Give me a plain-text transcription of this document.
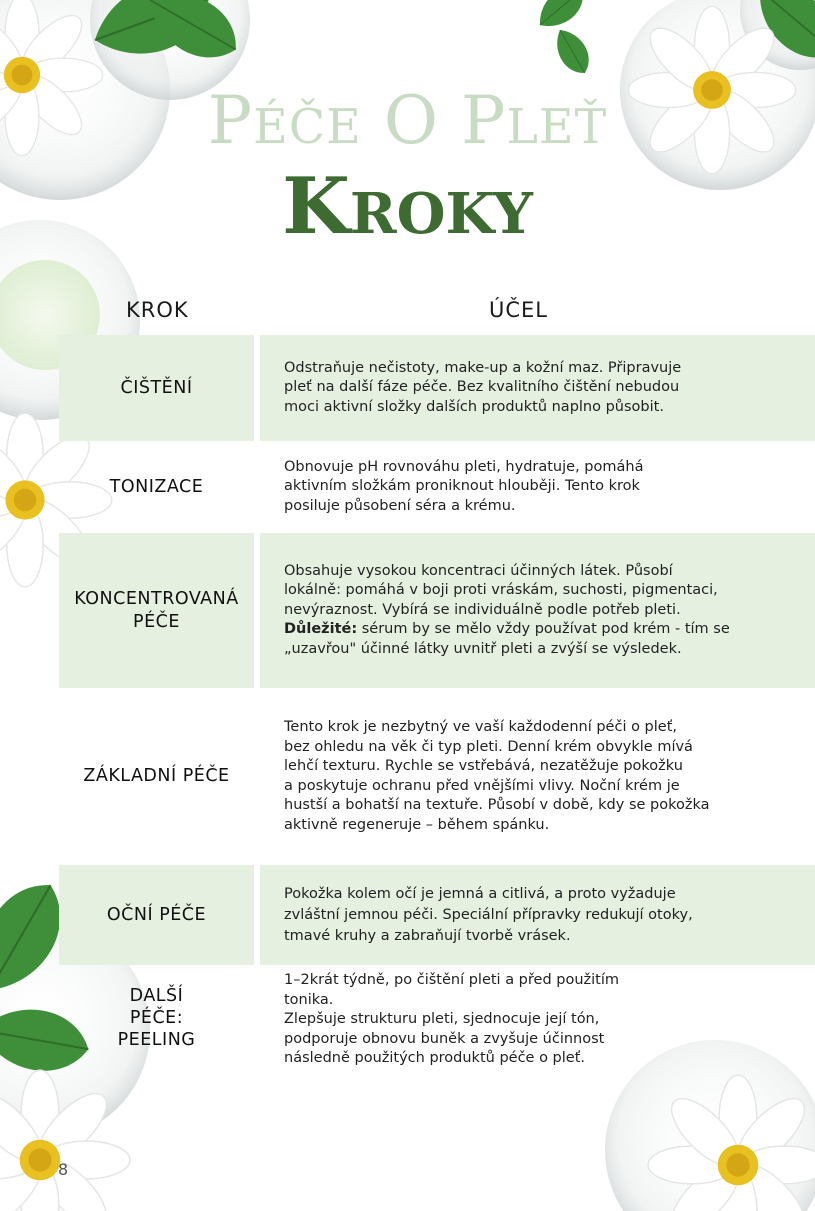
PÉČE O PLEŤ
KROKY
KROK	ÚČEL
ČIŠTĚNÍ
Odstraňuje nečistoty, make-up a kožní maz. Připravuje
pleť na další fáze péče. Bez kvalitního čištění nebudou
moci aktivní složky dalších produktů naplno působit.
TONIZACE
Obnovuje pH rovnováhu pleti, hydratuje, pomáhá
aktivním složkám proniknout hlouběji. Tento krok
posiluje působení séra a krému.
KONCENTROVANÁ PÉČE
Obsahuje vysokou koncentraci účinných látek. Působí
lokálně: pomáhá v boji proti vráskám, suchosti, pigmentaci,
nevýraznost. Vybírá se individuálně podle potřeb pleti.
Důležité: sérum by se mělo vždy používat pod krém - tím se
„uzavřou" účinné látky uvnitř pleti a zvýší se výsledek.
ZÁKLADNÍ PÉČE
Tento krok je nezbytný ve vaší každodenní péči o pleť,
bez ohledu na věk či typ pleti. Denní krém obvykle mívá
lehčí texturu. Rychle se vstřebává, nezatěžuje pokožku
a poskytuje ochranu před vnějšími vlivy. Noční krém je
hustší a bohatší na textuře. Působí v době, kdy se pokožka
aktivně regeneruje – během spánku.
OČNÍ PÉČE
Pokožka kolem očí je jemná a citlivá, a proto vyžaduje
zvláštní jemnou péči. Speciální přípravky redukují otoky,
tmavé kruhy a zabraňují tvorbě vrásek.
DALŠÍ
PÉČE:
PEELING
1–2krát týdně, po čištění pleti a před použitím
tonika.
Zlepšuje strukturu pleti, sjednocuje její tón,
podporuje obnovu buněk a zvyšuje účinnost
následně použitých produktů péče o pleť.
8
